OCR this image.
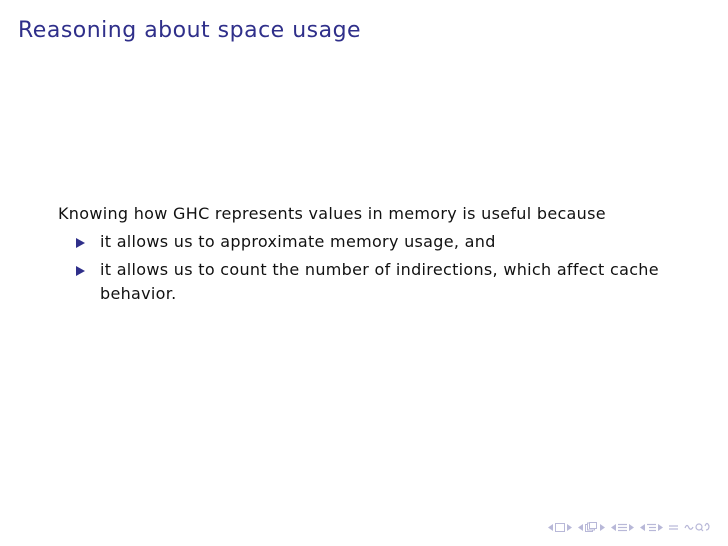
Reasoning about space usage
Knowing how GHC represents values in memory is useful because
it allows us to approximate memory usage, and
it allows us to count the number of indirections, which affect cache behavior.
